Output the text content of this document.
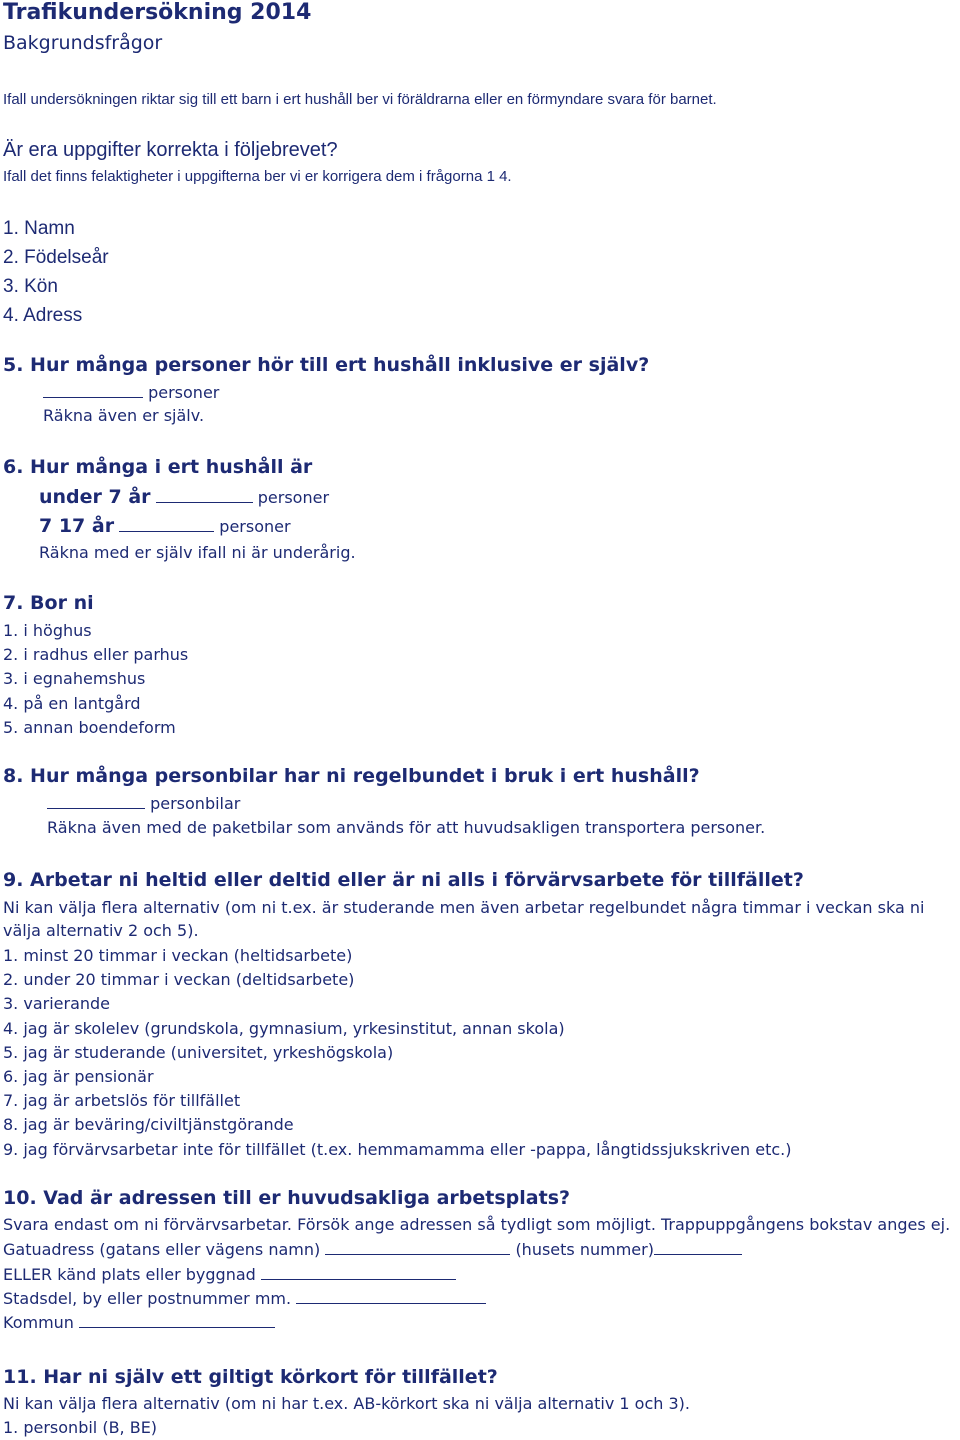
Trafikundersökning 2014
Bakgrundsfrågor
Ifall undersökningen riktar sig till ett barn i ert hushåll ber vi föräldrarna eller en förmyndare svara för barnet.
Är era uppgifter korrekta i följebrevet?
Ifall det finns felaktigheter i uppgifterna ber vi er korrigera dem i frågorna 1 4.
1. Namn
2. Födelseår
3. Kön
4. Adress
5. Hur många personer hör till ert hushåll inklusive er själv?
personer
Räkna även er själv.
6. Hur många i ert hushåll är
under 7 år	personer
7 17 år	personer
Räkna med er själv ifall ni är underårig.
7. Bor ni
1. i höghus
2. i radhus eller parhus
3. i egnahemshus
4. på en lantgård
5. annan boendeform
8. Hur många personbilar har ni regelbundet i bruk i ert hushåll?
personbilar
Räkna även med de paketbilar som används för att huvudsakligen transportera personer.
9. Arbetar ni heltid eller deltid eller är ni alls i förvärvsarbete för tillfället?
Ni kan välja flera alternativ (om ni t.ex. är studerande men även arbetar regelbundet några timmar i veckan ska ni välja alternativ 2 och 5).
1. minst 20 timmar i veckan (heltidsarbete)
2. under 20 timmar i veckan (deltidsarbete)
3. varierande
4. jag är skolelev (grundskola, gymnasium, yrkesinstitut, annan skola)
5. jag är studerande (universitet, yrkeshögskola)
6. jag är pensionär
7. jag är arbetslös för tillfället
8. jag är beväring/civiltjänstgörande
9. jag förvärvsarbetar inte för tillfället (t.ex. hemmamamma eller -pappa, långtidssjukskriven etc.)
10. Vad är adressen till er huvudsakliga arbetsplats?
Svara endast om ni förvärvsarbetar. Försök ange adressen så tydligt som möjligt. Trappuppgångens bokstav anges ej.
Gatuadress (gatans eller vägens namn)	(husets nummer)
ELLER känd plats eller byggnad
Stadsdel, by eller postnummer mm.
Kommun
11. Har ni själv ett giltigt körkort för tillfället?
Ni kan välja flera alternativ (om ni har t.ex. AB-körkort ska ni välja alternativ 1 och 3).
1. personbil (B, BE)
